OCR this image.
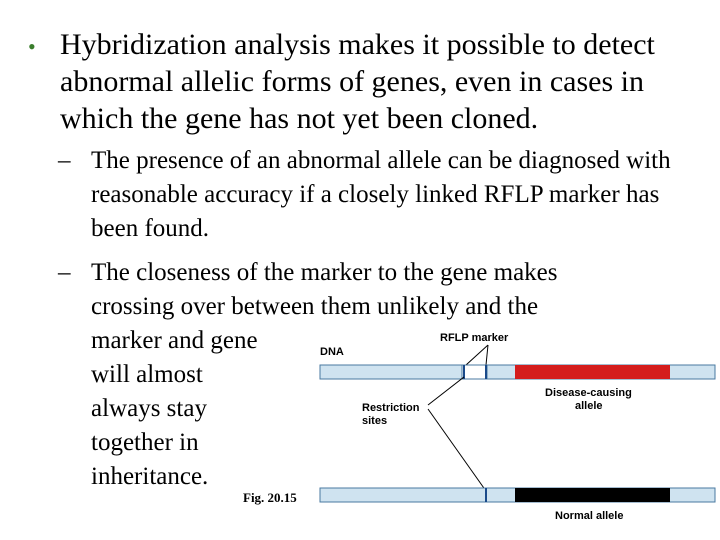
• Hybridization analysis makes it possible to detect abnormal allelic forms of genes, even in cases in which the gene has not yet been cloned.
– The presence of an abnormal allele can be diagnosed with reasonable accuracy if a closely linked RFLP marker has been found.
– The closeness of the marker to the gene makes
crossing over between them unlikely and the
marker and gene
will almost
always stay
together in
inheritance.
RFLP marker
DNA
Disease-causing
allele
Restriction
sites
Normal allele
Fig. 20.15
